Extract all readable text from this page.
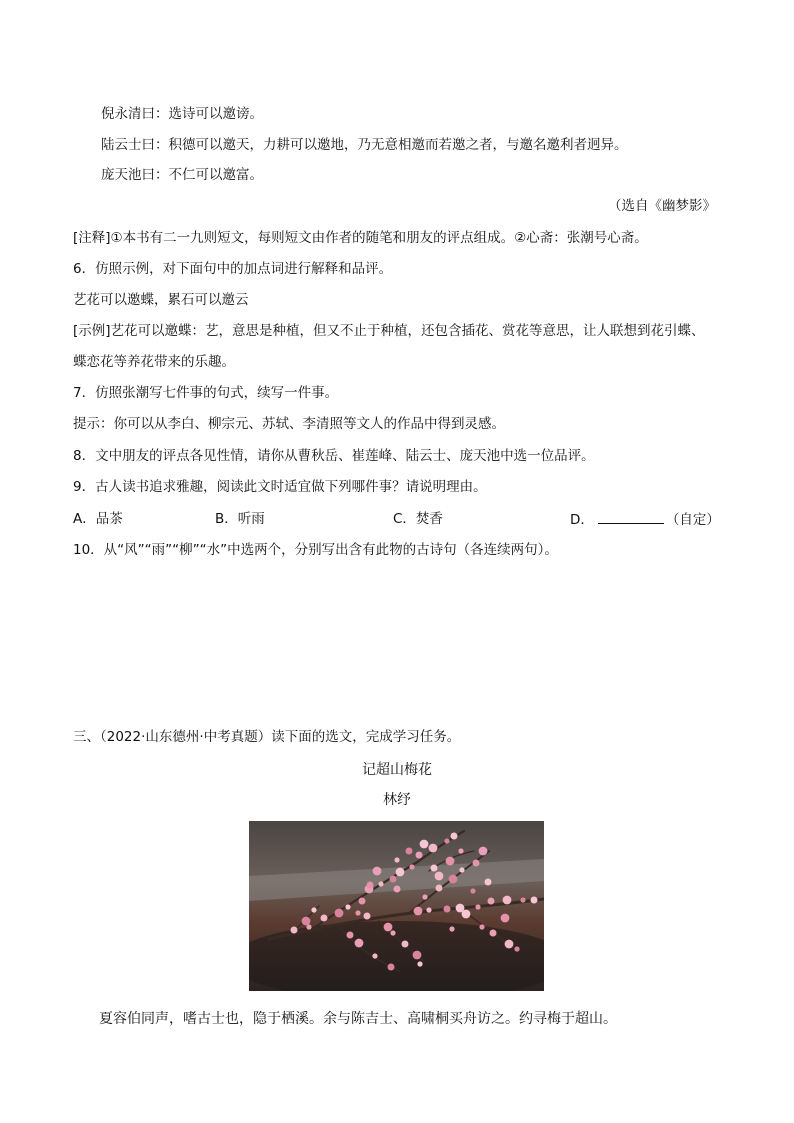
倪永清曰：选诗可以邀谤。
陆云士曰：积德可以邀天，力耕可以邀地，乃无意相邀而若邀之者，与邀名邀利者迥异。
庞天池曰：不仁可以邀富。
（选自《幽梦影》
[注释]①本书有二一九则短文，每则短文由作者的随笔和朋友的评点组成。②心斋：张潮号心斋。
6．仿照示例，对下面句中的加点词进行解释和品评。
艺花可以邀蝶，累石可以邀云
[示例]艺花可以邀蝶：艺，意思是种植，但又不止于种植，还包含插花、赏花等意思，让人联想到花引蝶、
蝶恋花等养花带来的乐趣。
7．仿照张潮写七件事的句式，续写一件事。
提示：你可以从李白、柳宗元、苏轼、李清照等文人的作品中得到灵感。
8．文中朋友的评点各见性情，请你从曹秋岳、崔莲峰、陆云士、庞天池中选一位品评。
9．古人读书追求雅趣，阅读此文时适宜做下列哪件事？请说明理由。
A．品茶	B．听雨	C．焚香	D．	（自定）
10．从“风”“雨”“柳”“水”中选两个，分别写出含有此物的古诗句（各连续两句）。
三、（2022·山东德州·中考真题）读下面的选文，完成学习任务。
记超山梅花
林纾
夏容伯同声，嗜古士也，隐于栖溪。余与陈吉士、高啸桐买舟访之。约寻梅于超山。
